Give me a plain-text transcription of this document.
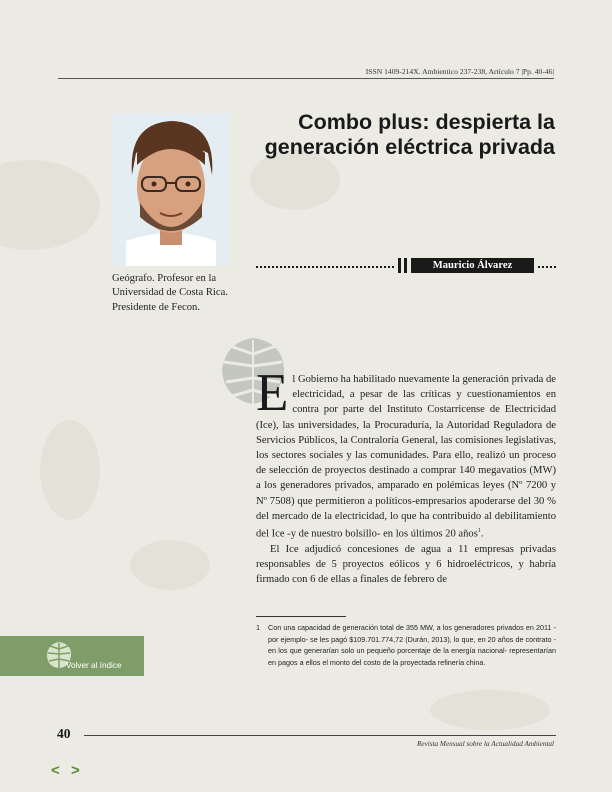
ISSN 1409-214X. Ambientico 237-238, Artículo 7 |Pp. 40-46|
Geógrafo. Profesor en la Universidad de Costa Rica. Presidente de Fecon.
Combo plus: despierta la generación eléctrica privada
Mauricio Álvarez

El Gobierno ha habilitado nuevamente la generación privada de electricidad, a pesar de las críticas y cuestionamientos en contra por parte del Instituto Costarricense de Electricidad (Ice), las universidades, la Procuraduría, la Autoridad Reguladora de Servicios Públicos, la Contraloría General, las comisiones legislativas, los sectores sociales y las comunidades. Para ello, realizó un proceso de selección de proyectos destinado a comprar 140 megavatios (MW) a los generadores privados, amparado en polémicas leyes (Nº 7200 y Nº 7508) que permitieron a políticos-empresarios apoderarse del 30 % del mercado de la electricidad, lo que ha contribuido al debilitamiento del Ice -y de nuestro bolsillo- en los últimos 20 años$^1$.

El Ice adjudicó concesiones de agua a 11 empresas privadas responsables de 5 proyectos eólicos y 6 hidroeléctricos, y habría firmado con 6 de ellas a finales de febrero de

1 Con una capacidad de generación total de 355 MW, a los generadores privados en 2011 -por ejemplo- se les pagó $109.701.774,72 (Durán, 2013), lo que, en 20 años de contrato -en los que generarían solo un pequeño porcentaje de la energía nacional- representarían en pagos a ellos el monto del costo de la proyectada refinería china.
Volver al índice
40
Revista Mensual sobre la Actualidad Ambiental
< >
